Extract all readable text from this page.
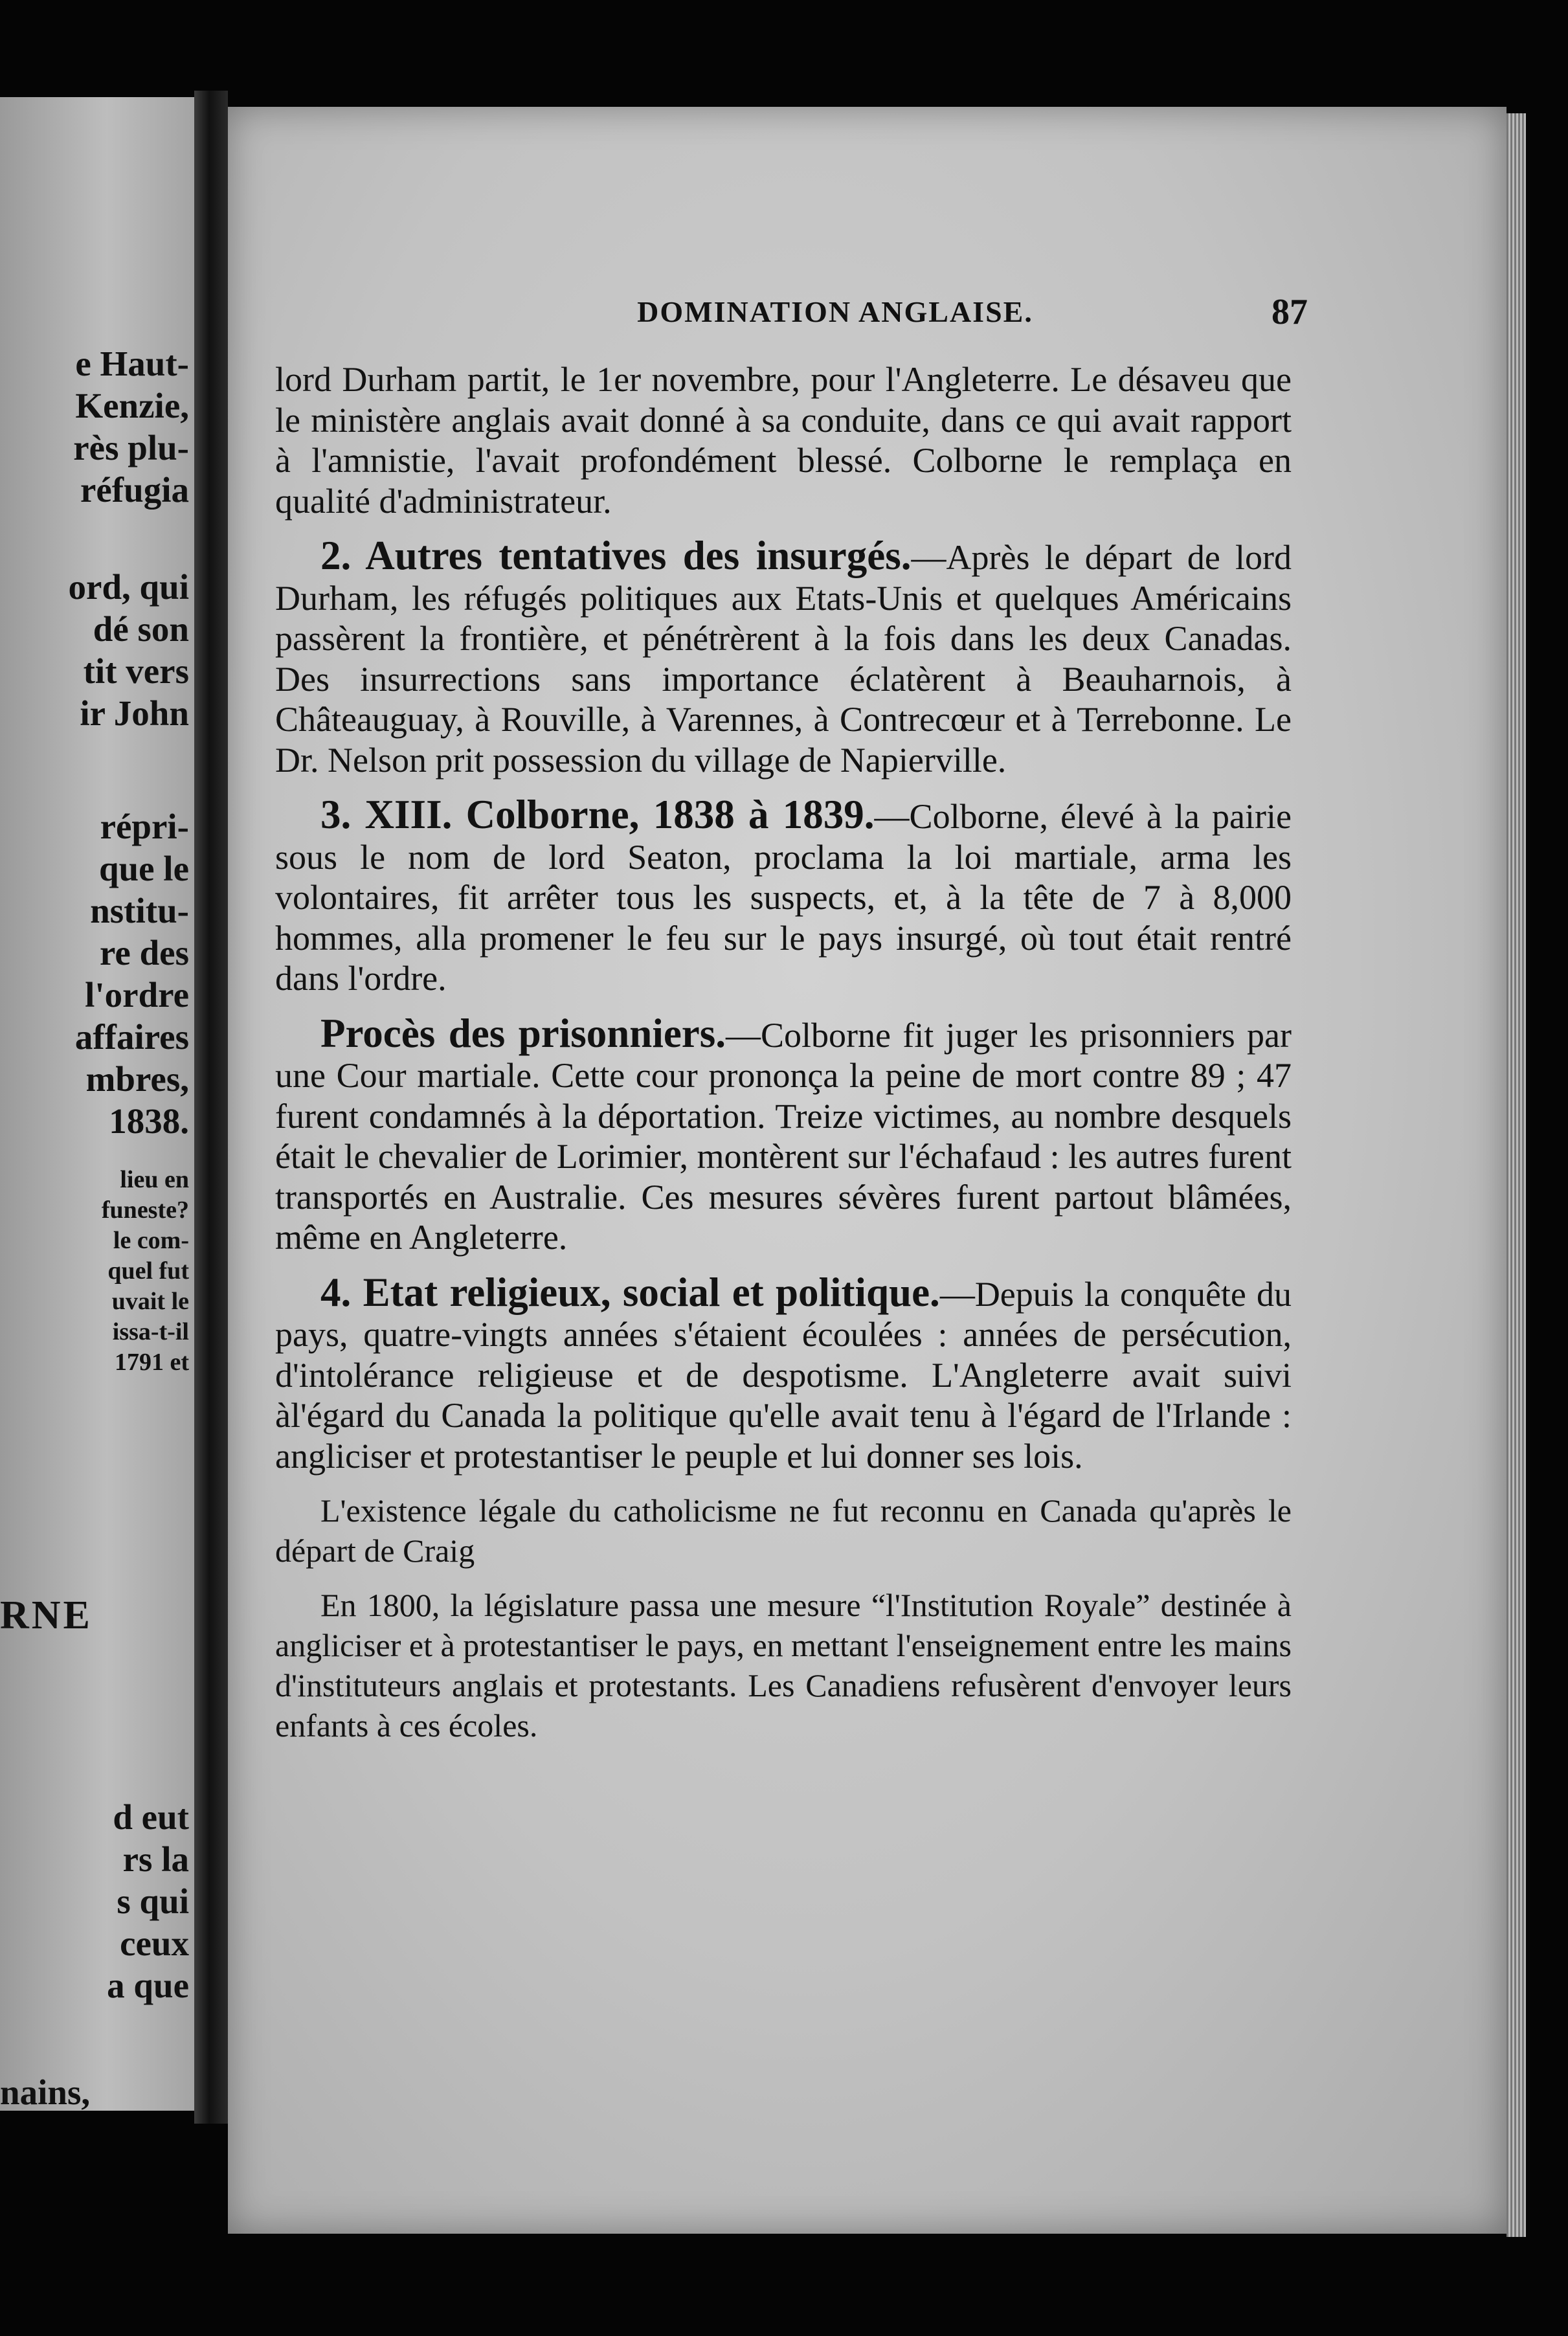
e Haut-
Kenzie,
rès plu-
réfugia
ord, qui
dé son
tit vers
ir John
répri-
que le
nstitu-
re des
l'ordre
affaires
mbres,
1838.
lieu en
funeste?
le com-
quel fut
uvait le
issa-t-il
1791 et
RNE
d eut
rs la
s qui
ceux
a que
nains,
DOMINATION ANGLAISE.	87

lord Durham partit, le 1er novembre, pour l'Angleterre. Le désaveu que le ministère anglais avait donné à sa conduite, dans ce qui avait rapport à l'amnistie, l'avait profondément blessé. Colborne le remplaça en qualité d'administrateur.

2. Autres tentatives des insurgés.—Après le départ de lord Durham, les réfugés politiques aux Etats-Unis et quelques Américains passèrent la frontière, et pénétrèrent à la fois dans les deux Canadas. Des insurrections sans importance éclatèrent à Beauharnois, à Châteauguay, à Rouville, à Varennes, à Contrecœur et à Terrebonne. Le Dr. Nelson prit possession du village de Napierville.

3. XIII. Colborne, 1838 à 1839.—Colborne, élevé à la pairie sous le nom de lord Seaton, proclama la loi martiale, arma les volontaires, fit arrêter tous les suspects, et, à la tête de 7 à 8,000 hommes, alla promener le feu sur le pays insurgé, où tout était rentré dans l'ordre.

Procès des prisonniers.—Colborne fit juger les prisonniers par une Cour martiale. Cette cour prononça la peine de mort contre 89 ; 47 furent condamnés à la déportation. Treize victimes, au nombre desquels était le chevalier de Lorimier, montèrent sur l'échafaud : les autres furent transportés en Australie. Ces mesures sévères furent partout blâmées, même en Angleterre.

4. Etat religieux, social et politique.—Depuis la conquête du pays, quatre-vingts années s'étaient écoulées : années de persécution, d'intolérance religieuse et de despotisme. L'Angleterre avait suivi àl'égard du Canada la politique qu'elle avait tenu à l'égard de l'Irlande : angliciser et protestantiser le peuple et lui donner ses lois.

L'existence légale du catholicisme ne fut reconnu en Canada qu'après le départ de Craig

En 1800, la législature passa une mesure “l'Institution Royale” destinée à angliciser et à protestantiser le pays, en mettant l'enseignement entre les mains d'instituteurs anglais et protestants. Les Canadiens refusèrent d'envoyer leurs enfants à ces écoles.
